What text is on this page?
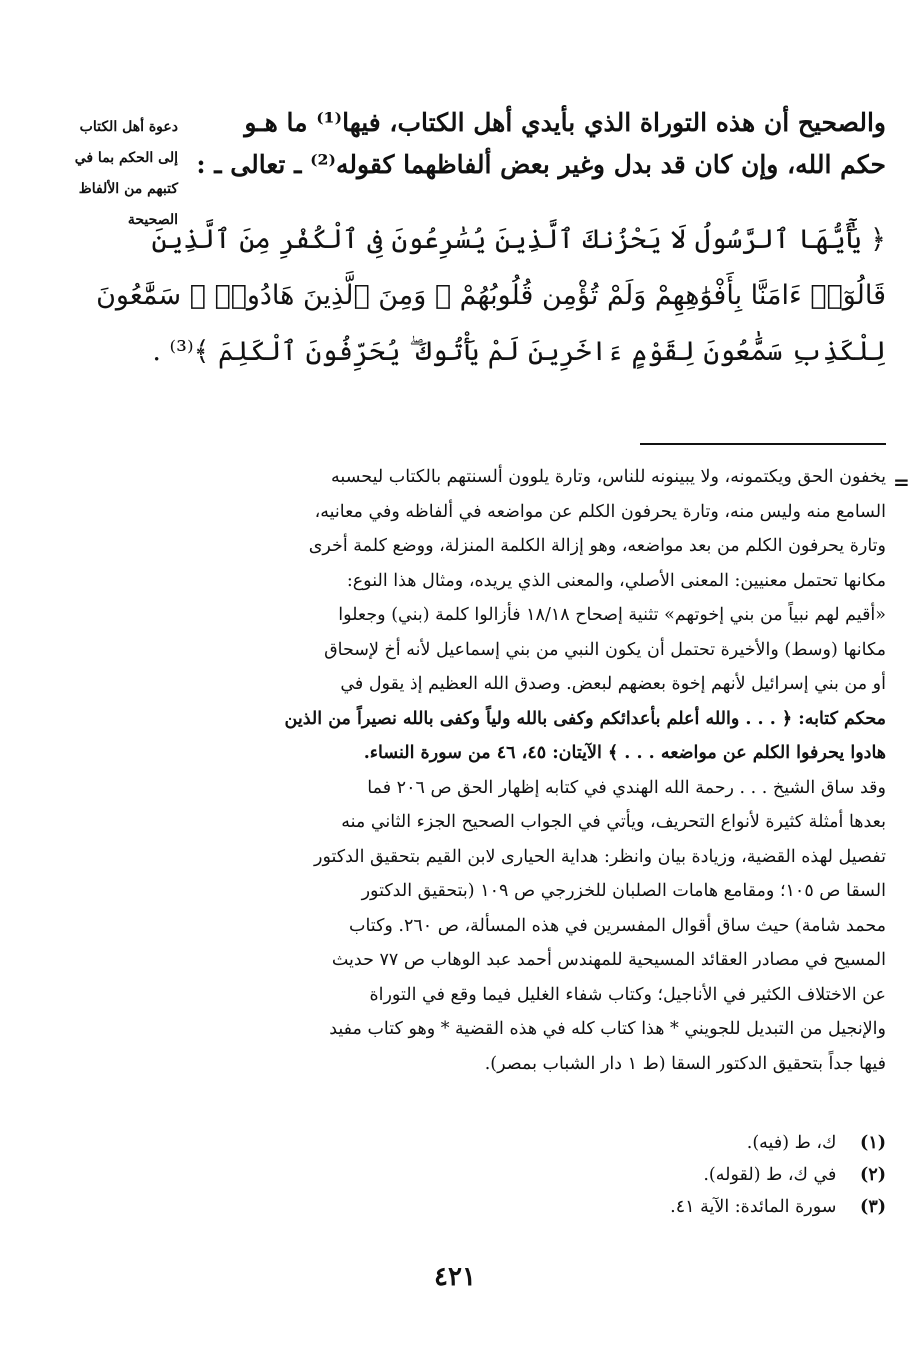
والصحيح أن هذه التوراة الذي بأيدي أهل الكتاب، فيها⁽¹⁾ ما هـو
حكم الله، وإن كان قد بدل وغير بعض ألفاظهما كقوله⁽²⁾ ـ تعالى ـ :
﴿ يَٰٓأَيُّهَا ٱلرَّسُولُ لَا يَحْزُنكَ ٱلَّذِينَ يُسَٰرِعُونَ فِى ٱلْكُفْرِ مِنَ ٱلَّذِينَ
قَالُوٓا۟ ءَامَنَّا بِأَفْوَٰهِهِمْ وَلَمْ تُؤْمِن قُلُوبُهُمْ ۛ وَمِنَ ٱلَّذِينَ هَادُوا۟ ۛ سَمَّٰعُونَ
لِلْكَذِبِ سَمَّٰعُونَ لِقَوْمٍ ءَاخَرِينَ لَمْ يَأْتُوكَ ۖ يُحَرِّفُونَ ٱلْكَلِمَ ﴾⁽³⁾ .
دعوة أهل الكتاب
إلى الحكم بما في
كتبهم من الألفاظ
الصحيحة
=
يخفون الحق ويكتمونه، ولا يبينونه للناس، وتارة يلوون ألسنتهم بالكتاب ليحسبه
السامع منه وليس منه، وتارة يحرفون الكلم عن مواضعه في ألفاظه وفي معانيه،
وتارة يحرفون الكلم من بعد مواضعه، وهو إزالة الكلمة المنزلة، ووضع كلمة أخرى
مكانها تحتمل معنيين: المعنى الأصلي، والمعنى الذي يريده، ومثال هذا النوع:
«أقيم لهم نبياً من بني إخوتهم» تثنية إصحاح ١٨/١٨ فأزالوا كلمة (بني) وجعلوا
مكانها (وسط) والأخيرة تحتمل أن يكون النبي من بني إسماعيل لأنه أخ لإسحاق
أو من بني إسرائيل لأنهم إخوة بعضهم لبعض. وصدق الله العظيم إذ يقول في
محكم كتابه: ﴿ . . . والله أعلم بأعدائكم وكفى بالله ولياً وكفى بالله نصيراً من الذين
هادوا يحرفوا الكلم عن مواضعه . . . ﴾ الآيتان: ٤٥، ٤٦ من سورة النساء.
وقد ساق الشيخ . . . رحمة الله الهندي في كتابه إظهار الحق ص ٢٠٦ فما
بعدها أمثلة كثيرة لأنواع التحريف، ويأتي في الجواب الصحيح الجزء الثاني منه
تفصيل لهذه القضية، وزيادة بيان وانظر: هداية الحيارى لابن القيم بتحقيق الدكتور
السقا ص ١٠٥؛ ومقامع هامات الصلبان للخزرجي ص ١٠٩ (بتحقيق الدكتور
محمد شامة) حيث ساق أقوال المفسرين في هذه المسألة، ص ٢٦٠. وكتاب
المسيح في مصادر العقائد المسيحية للمهندس أحمد عبد الوهاب ص ٧٧ حديث
عن الاختلاف الكثير في الأناجيل؛ وكتاب شفاء الغليل فيما وقع في التوراة
والإنجيل من التبديل للجويني * هذا كتاب كله في هذه القضية * وهو كتاب مفيد
فيها جداً بتحقيق الدكتور السقا (ط ١ دار الشباب بمصر).
(١) ك، ط (فيه).
(٢) في ك، ط (لقوله).
(٣) سورة المائدة: الآية ٤١.
٤٢١
